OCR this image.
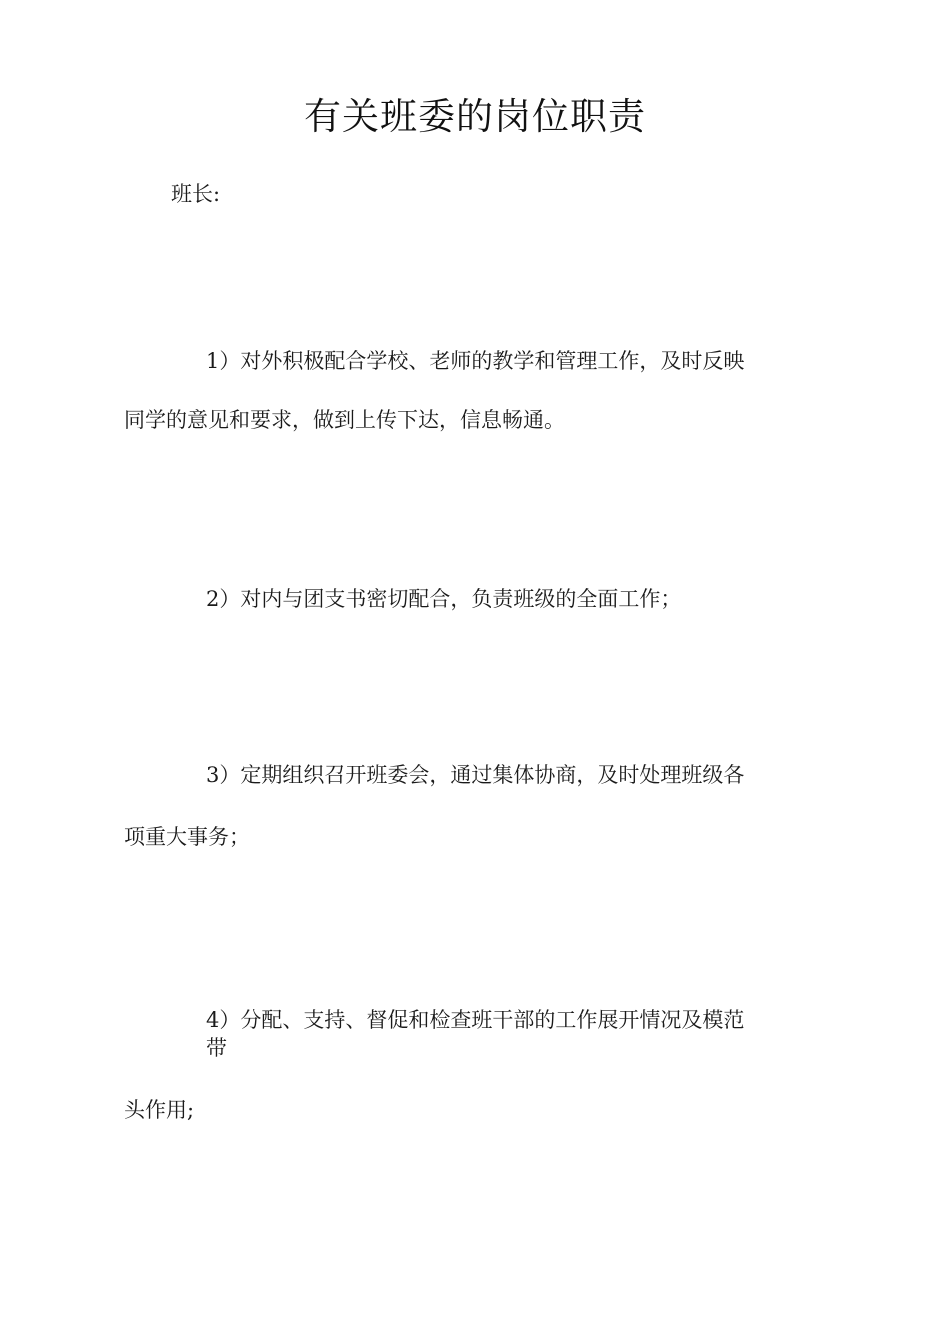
有关班委的岗位职责

班长:

1）对外积极配合学校、老师的教学和管理工作，及时反映

同学的意见和要求，做到上传下达，信息畅通。

2）对内与团支书密切配合，负责班级的全面工作；

3）定期组织召开班委会，通过集体协商，及时处理班级各

项重大事务；

4）分配、支持、督促和检查班干部的工作展开情况及模范

带

头作用;
